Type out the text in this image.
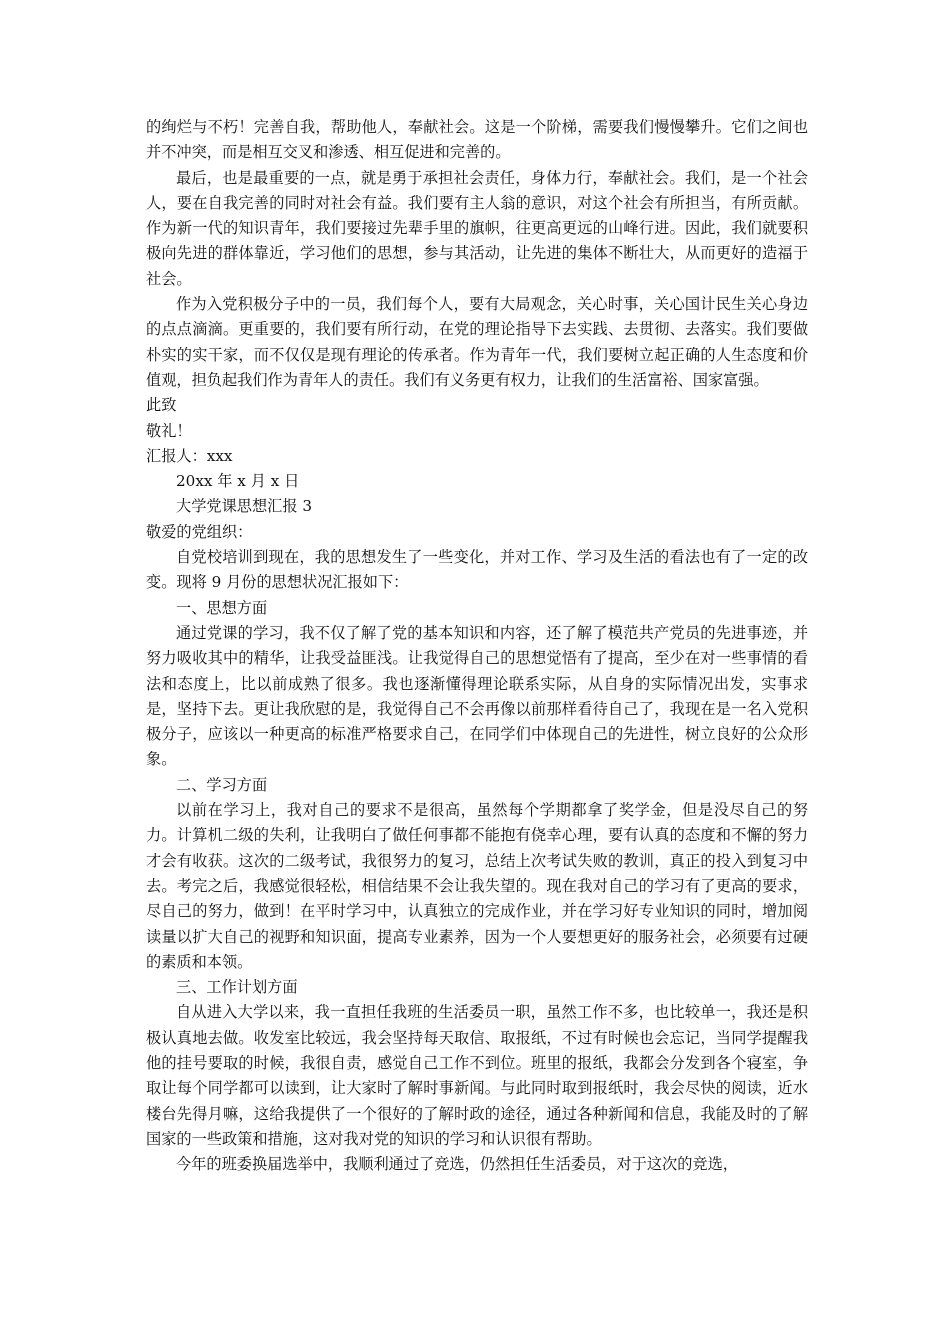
的绚烂与不朽！完善自我，帮助他人，奉献社会。这是一个阶梯，需要我们慢慢攀升。它们之间也并不冲突，而是相互交叉和渗透、相互促进和完善的。

最后，也是最重要的一点，就是勇于承担社会责任，身体力行，奉献社会。我们，是一个社会人，要在自我完善的同时对社会有益。我们要有主人翁的意识，对这个社会有所担当，有所贡献。作为新一代的知识青年，我们要接过先辈手里的旗帜，往更高更远的山峰行进。因此，我们就要积极向先进的群体靠近，学习他们的思想，参与其活动，让先进的集体不断壮大，从而更好的造福于社会。

作为入党积极分子中的一员，我们每个人，要有大局观念，关心时事，关心国计民生关心身边的点点滴滴。更重要的，我们要有所行动，在党的理论指导下去实践、去贯彻、去落实。我们要做朴实的实干家，而不仅仅是现有理论的传承者。作为青年一代，我们要树立起正确的人生态度和价值观，担负起我们作为青年人的责任。我们有义务更有权力，让我们的生活富裕、国家富强。

此致

敬礼！

汇报人：xxx

20xx 年 x 月 x 日

大学党课思想汇报 3

敬爱的党组织：

自党校培训到现在，我的思想发生了一些变化，并对工作、学习及生活的看法也有了一定的改变。现将 9 月份的思想状况汇报如下：

一、思想方面

通过党课的学习，我不仅了解了党的基本知识和内容，还了解了模范共产党员的先进事迹，并努力吸收其中的精华，让我受益匪浅。让我觉得自己的思想觉悟有了提高，至少在对一些事情的看法和态度上，比以前成熟了很多。我也逐渐懂得理论联系实际，从自身的实际情况出发，实事求是，坚持下去。更让我欣慰的是，我觉得自己不会再像以前那样看待自己了，我现在是一名入党积极分子，应该以一种更高的标准严格要求自己，在同学们中体现自己的先进性，树立良好的公众形象。

二、学习方面

以前在学习上，我对自己的要求不是很高，虽然每个学期都拿了奖学金，但是没尽自己的努力。计算机二级的失利，让我明白了做任何事都不能抱有侥幸心理，要有认真的态度和不懈的努力才会有收获。这次的二级考试，我很努力的复习，总结上次考试失败的教训，真正的投入到复习中去。考完之后，我感觉很轻松，相信结果不会让我失望的。现在我对自己的学习有了更高的要求，尽自己的努力，做到！在平时学习中，认真独立的完成作业，并在学习好专业知识的同时，增加阅读量以扩大自己的视野和知识面，提高专业素养，因为一个人要想更好的服务社会，必须要有过硬的素质和本领。

三、工作计划方面

自从进入大学以来，我一直担任我班的生活委员一职，虽然工作不多，也比较单一，我还是积极认真地去做。收发室比较远，我会坚持每天取信、取报纸，不过有时候也会忘记，当同学提醒我他的挂号要取的时候，我很自责，感觉自己工作不到位。班里的报纸，我都会分发到各个寝室，争取让每个同学都可以读到，让大家时了解时事新闻。与此同时取到报纸时，我会尽快的阅读，近水楼台先得月嘛，这给我提供了一个很好的了解时政的途径，通过各种新闻和信息，我能及时的了解国家的一些政策和措施，这对我对党的知识的学习和认识很有帮助。

今年的班委换届选举中，我顺利通过了竞选，仍然担任生活委员，对于这次的竞选，
